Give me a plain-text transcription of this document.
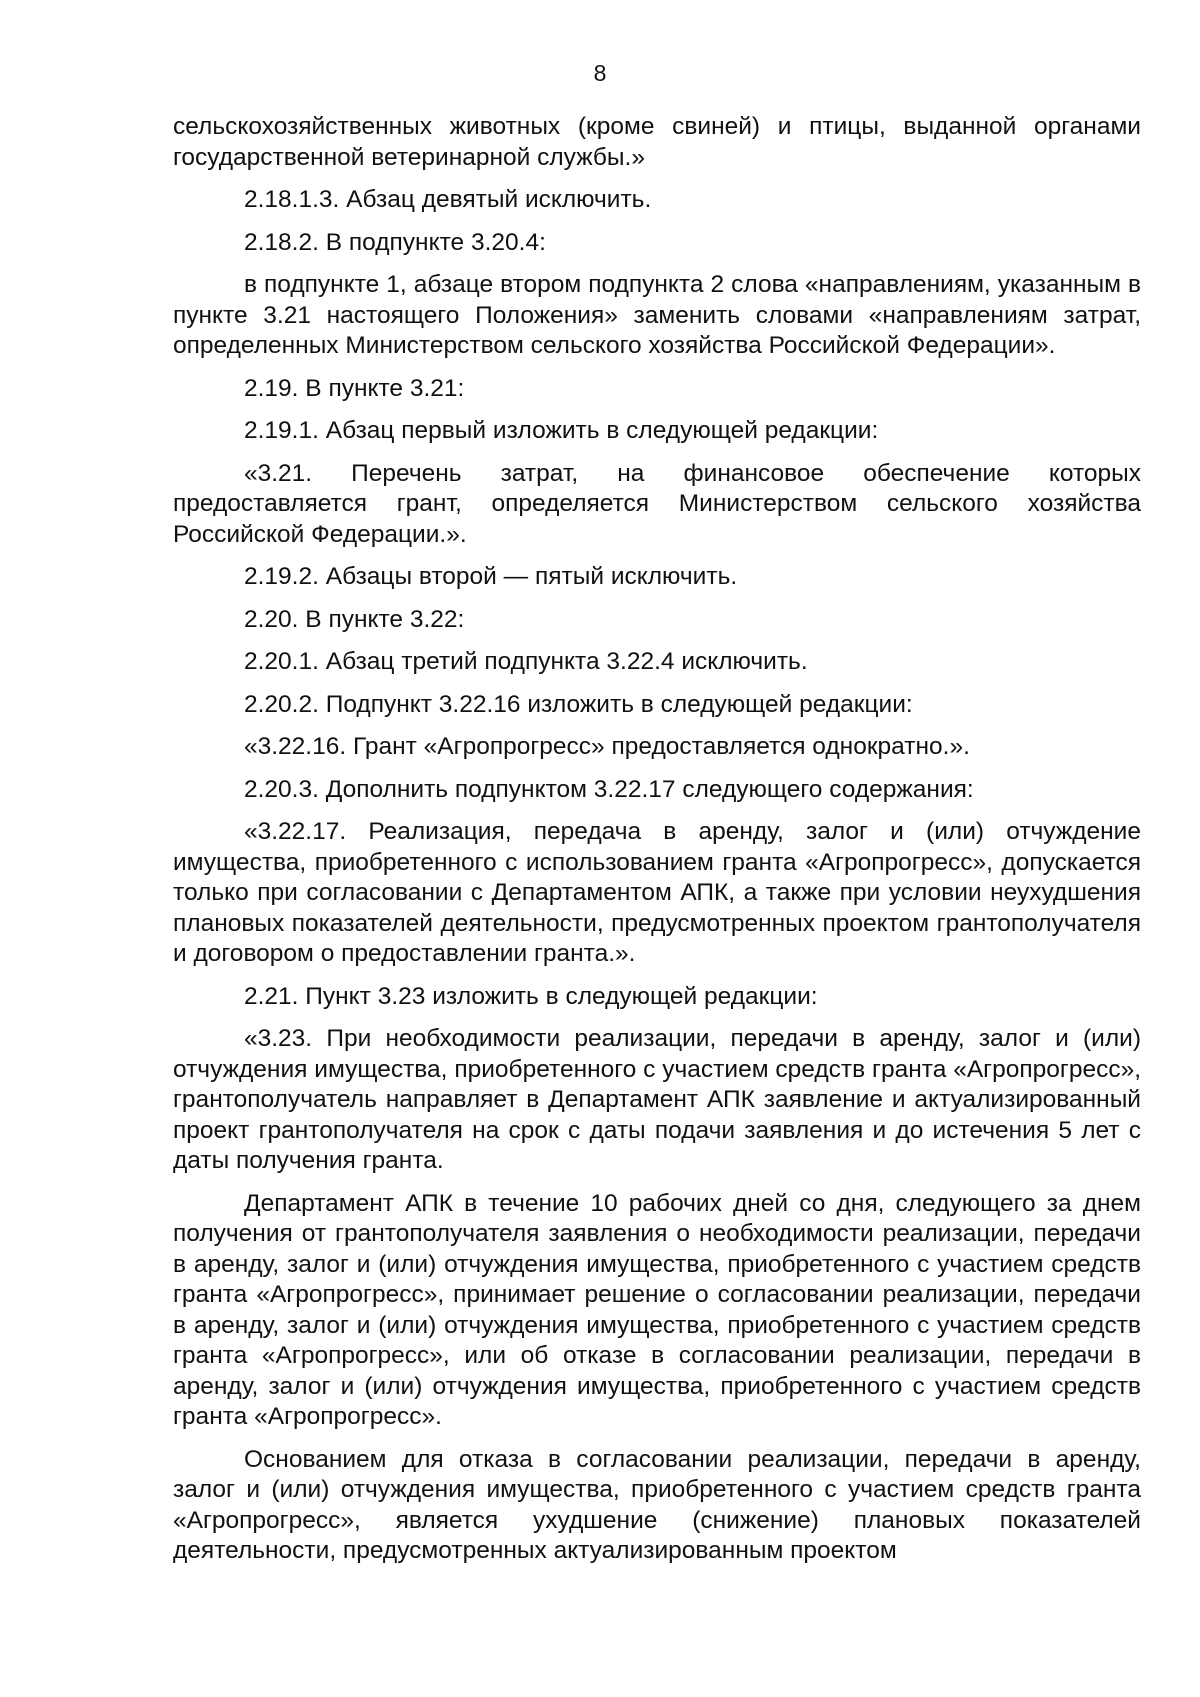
8

сельскохозяйственных животных (кроме свиней) и птицы, выданной органами государственной ветеринарной службы.»

2.18.1.3. Абзац девятый исключить.

2.18.2. В подпункте 3.20.4:

в подпункте 1, абзаце втором подпункта 2 слова «направлениям, указанным в пункте 3.21 настоящего Положения» заменить словами «направлениям затрат, определенных Министерством сельского хозяйства Российской Федерации».

2.19. В пункте 3.21:

2.19.1. Абзац первый изложить в следующей редакции:

«3.21. Перечень затрат, на финансовое обеспечение которых предоставляется грант, определяется Министерством сельского хозяйства Российской Федерации.».

2.19.2. Абзацы второй — пятый исключить.

2.20. В пункте 3.22:

2.20.1. Абзац третий подпункта 3.22.4 исключить.

2.20.2. Подпункт 3.22.16 изложить в следующей редакции:

«3.22.16. Грант «Агропрогресс» предоставляется однократно.».

2.20.3. Дополнить подпунктом 3.22.17 следующего содержания:

«3.22.17. Реализация, передача в аренду, залог и (или) отчуждение имущества, приобретенного с использованием гранта «Агропрогресс», допускается только при согласовании с Департаментом АПК, а также при условии неухудшения плановых показателей деятельности, предусмотренных проектом грантополучателя и договором о предоставлении гранта.».

2.21. Пункт 3.23 изложить в следующей редакции:

«3.23. При необходимости реализации, передачи в аренду, залог и (или) отчуждения имущества, приобретенного с участием средств гранта «Агропрогресс», грантополучатель направляет в Департамент АПК заявление и актуализированный проект грантополучателя на срок с даты подачи заявления и до истечения 5 лет с даты получения гранта.

Департамент АПК в течение 10 рабочих дней со дня, следующего за днем получения от грантополучателя заявления о необходимости реализации, передачи в аренду, залог и (или) отчуждения имущества, приобретенного с участием средств гранта «Агропрогресс», принимает решение о согласовании реализации, передачи в аренду, залог и (или) отчуждения имущества, приобретенного с участием средств гранта «Агропрогресс», или об отказе в согласовании реализации, передачи в аренду, залог и (или) отчуждения имущества, приобретенного с участием средств гранта «Агропрогресс».

Основанием для отказа в согласовании реализации, передачи в аренду, залог и (или) отчуждения имущества, приобретенного с участием средств гранта «Агропрогресс», является ухудшение (снижение) плановых показателей деятельности, предусмотренных актуализированным проектом
